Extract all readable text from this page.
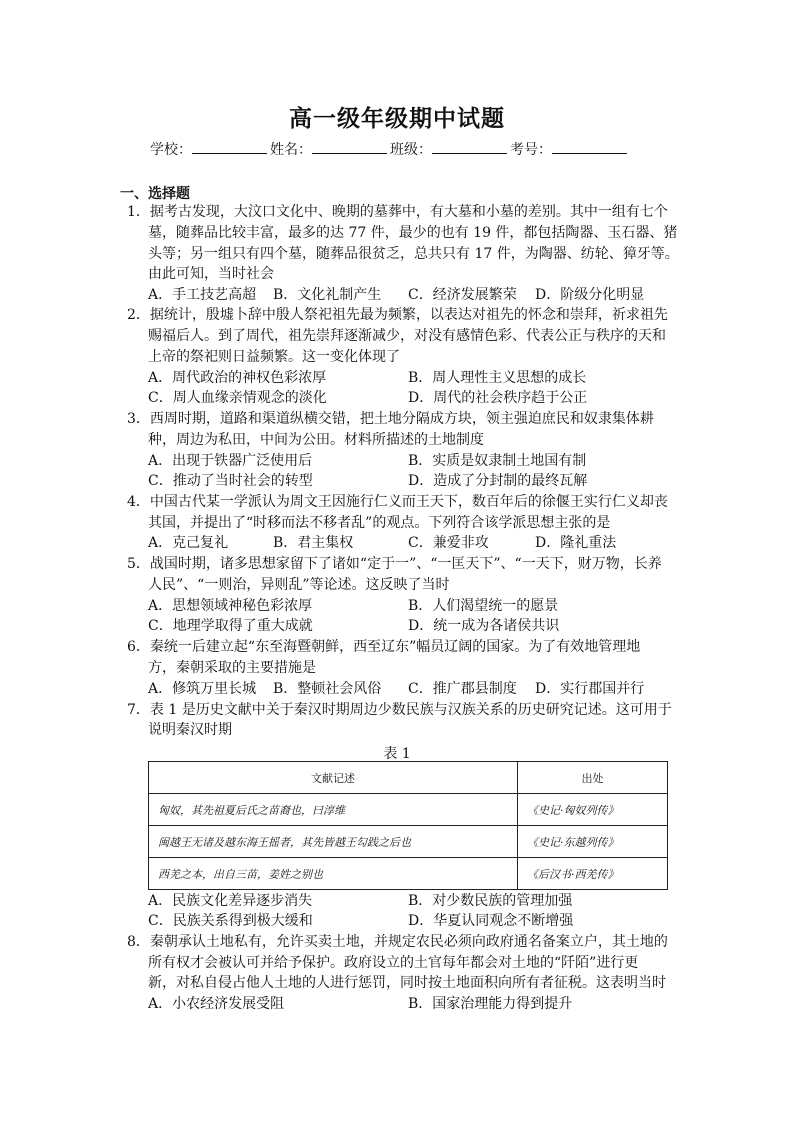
高一级年级期中试题
学校：	姓名：	班级：	考号：
一、选择题
1．据考古发现，大汶口文化中、晚期的墓葬中，有大墓和小墓的差别。其中一组有七个
墓，随葬品比较丰富，最多的达 77 件，最少的也有 19 件，都包括陶器、玉石器、猪
头等；另一组只有四个墓，随葬品很贫乏，总共只有 17 件，为陶器、纺轮、獐牙等。
由此可知，当时社会
A．手工技艺高超 B．文化礼制产生 C．经济发展繁荣 D．阶级分化明显
2．据统计，殷墟卜辞中殷人祭祀祖先最为频繁，以表达对祖先的怀念和崇拜，祈求祖先
赐福后人。到了周代，祖先崇拜逐渐减少，对没有感情色彩、代表公正与秩序的天和
上帝的祭祀则日益频繁。这一变化体现了
A．周代政治的神权色彩浓厚	B．周人理性主义思想的成长
C．周人血缘亲情观念的淡化	D．周代的社会秩序趋于公正
3．西周时期，道路和渠道纵横交错，把土地分隔成方块，领主强迫庶民和奴隶集体耕
种，周边为私田，中间为公田。材料所描述的土地制度
A．出现于铁器广泛使用后	B．实质是奴隶制土地国有制
C．推动了当时社会的转型	D．造成了分封制的最终瓦解
4．中国古代某一学派认为周文王因施行仁义而王天下，数百年后的徐偃王实行仁义却丧
其国，并提出了“时移而法不移者乱”的观点。下列符合该学派思想主张的是
A．克己复礼	B．君主集权	C．兼爱非攻	D．隆礼重法
5．战国时期，诸多思想家留下了诸如“定于一”、“一匡天下”、“一天下，财万物，长养
人民”、“一则治，异则乱”等论述。这反映了当时
A．思想领域神秘色彩浓厚	B．人们渴望统一的愿景
C．地理学取得了重大成就	D．统一成为各诸侯共识
6．秦统一后建立起“东至海暨朝鲜，西至辽东”幅员辽阔的国家。为了有效地管理地
方，秦朝采取的主要措施是
A．修筑万里长城 B．整顿社会风俗 C．推广郡县制度 D．实行郡国并行
7．表 1 是历史文献中关于秦汉时期周边少数民族与汉族关系的历史研究记述。这可用于
说明秦汉时期
表 1
文献记述	出处
匈奴，其先祖夏后氏之苗裔也，曰淳维	《史记·匈奴列传》
闽越王无诸及越东海王摇者，其先皆越王勾践之后也	《史记·东越列传》
西羌之本，出自三苗，姜姓之别也	《后汉书·西羌传》
A．民族文化差异逐步消失	B．对少数民族的管理加强
C．民族关系得到极大缓和	D．华夏认同观念不断增强
8．秦朝承认土地私有，允许买卖土地，并规定农民必须向政府通名备案立户，其土地的
所有权才会被认可并给予保护。政府设立的土官每年都会对土地的“阡陌”进行更
新，对私自侵占他人土地的人进行惩罚，同时按土地面积向所有者征税。这表明当时
A．小农经济发展受阻	B．国家治理能力得到提升
